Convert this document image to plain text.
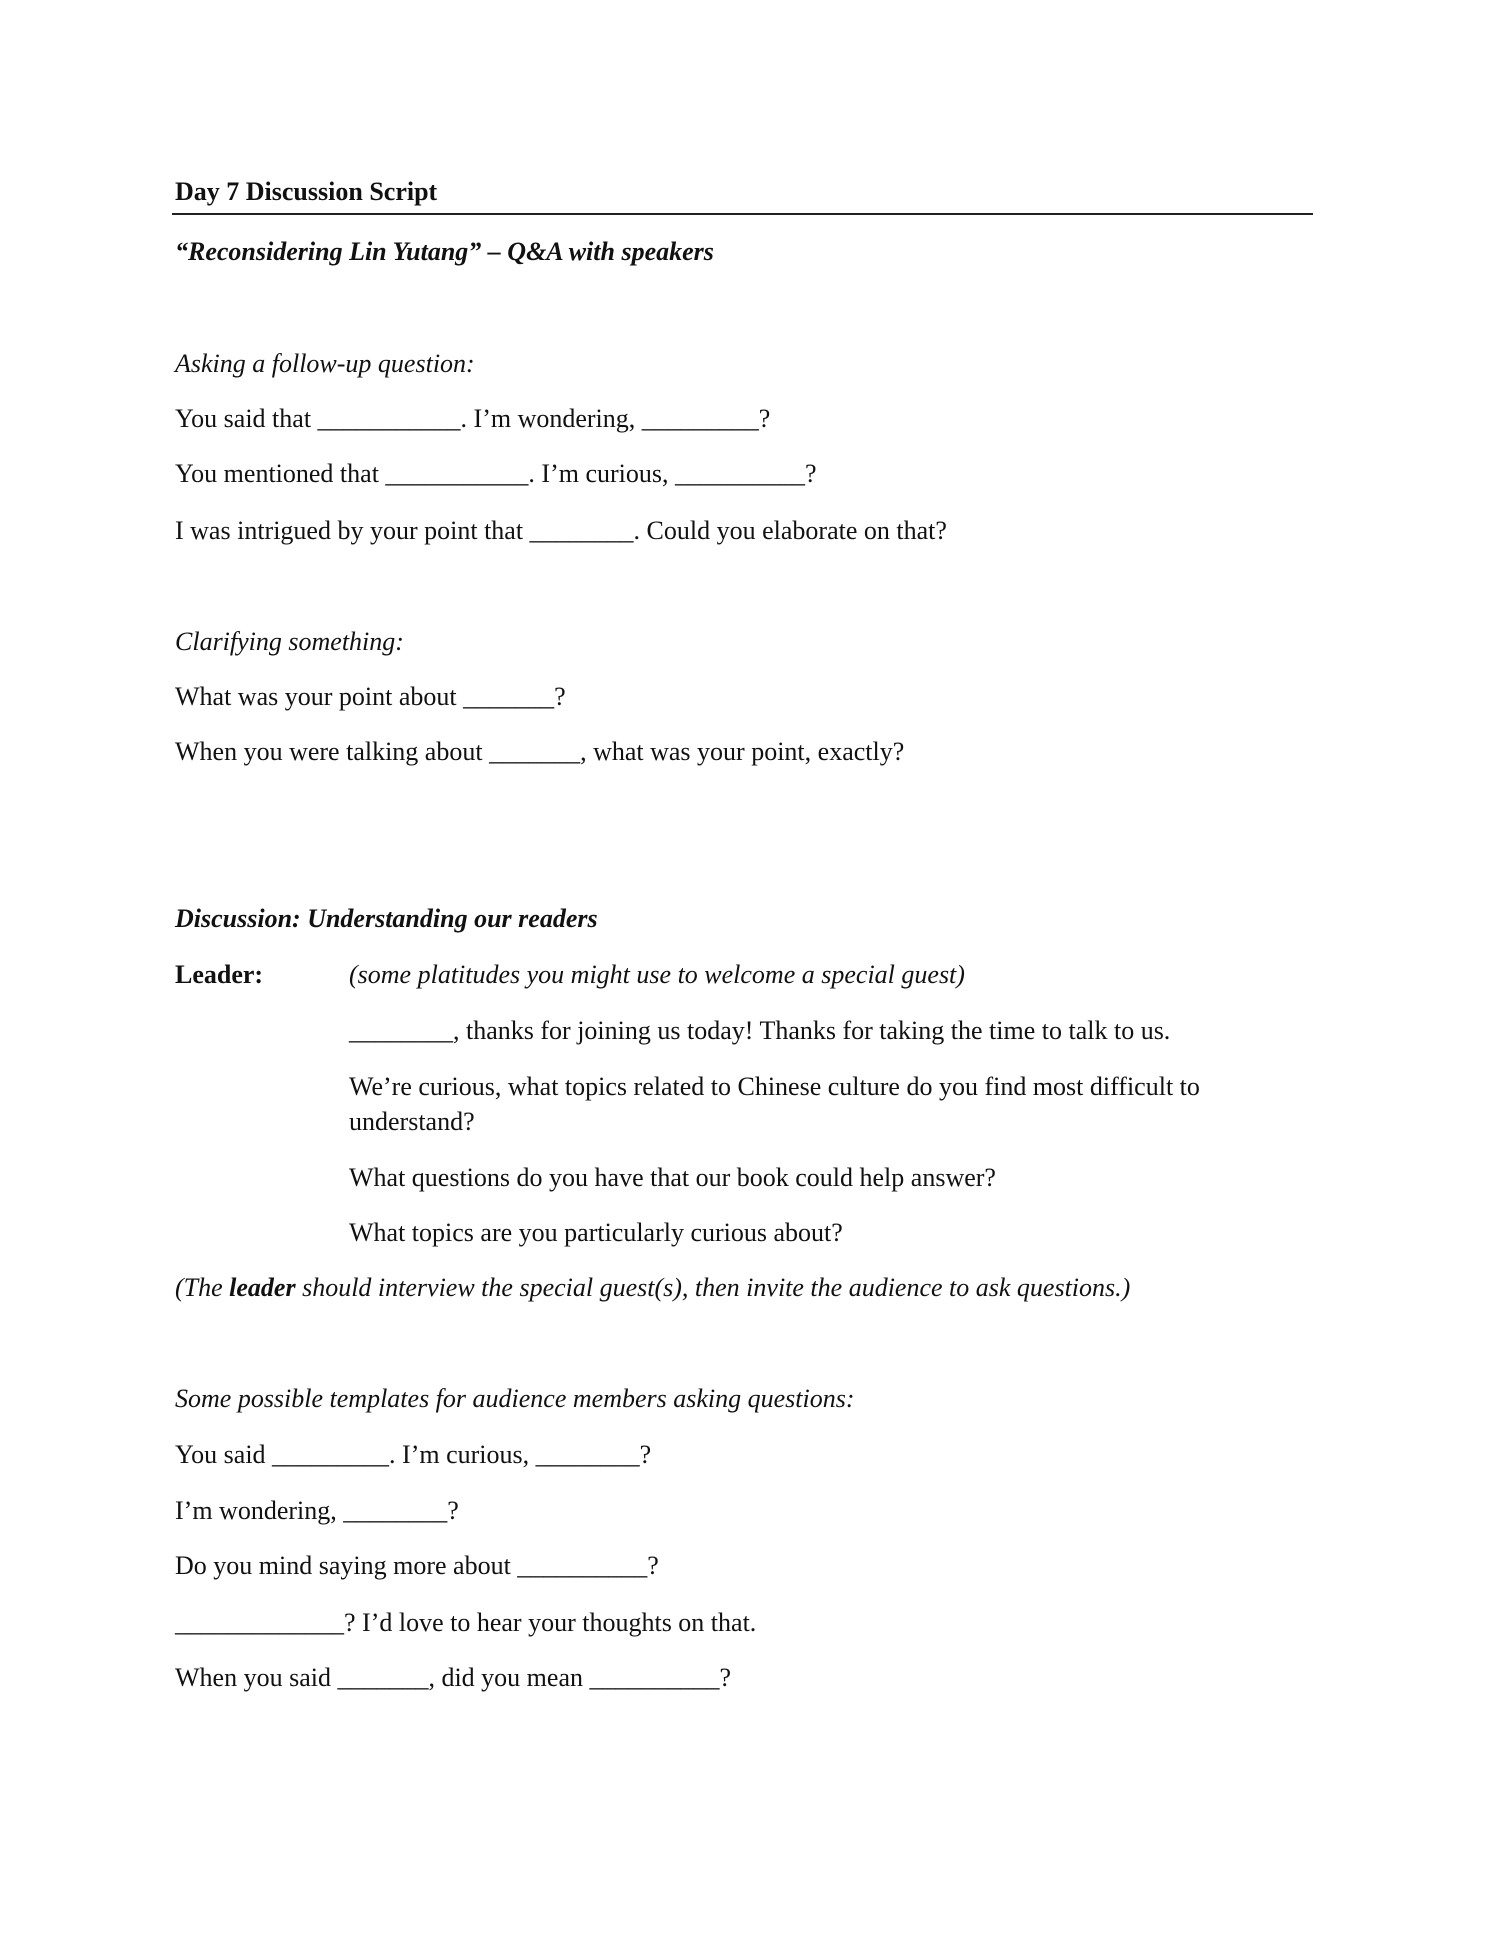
Day 7 Discussion Script
“Reconsidering Lin Yutang” – Q&A with speakers
Asking a follow-up question:
You said that ___________. I’m wondering, _________?
You mentioned that ___________. I’m curious, __________?
I was intrigued by your point that ________. Could you elaborate on that?
Clarifying something:
What was your point about _______?
When you were talking about _______, what was your point, exactly?
Discussion: Understanding our readers
Leader:	(some platitudes you might use to welcome a special guest)
________, thanks for joining us today! Thanks for taking the time to talk to us.
We’re curious, what topics related to Chinese culture do you find most difficult to understand?
What questions do you have that our book could help answer?
What topics are you particularly curious about?
(The leader should interview the special guest(s), then invite the audience to ask questions.)
Some possible templates for audience members asking questions:
You said _________. I’m curious, ________?
I’m wondering, ________?
Do you mind saying more about __________?
_____________? I’d love to hear your thoughts on that.
When you said _______, did you mean __________?
